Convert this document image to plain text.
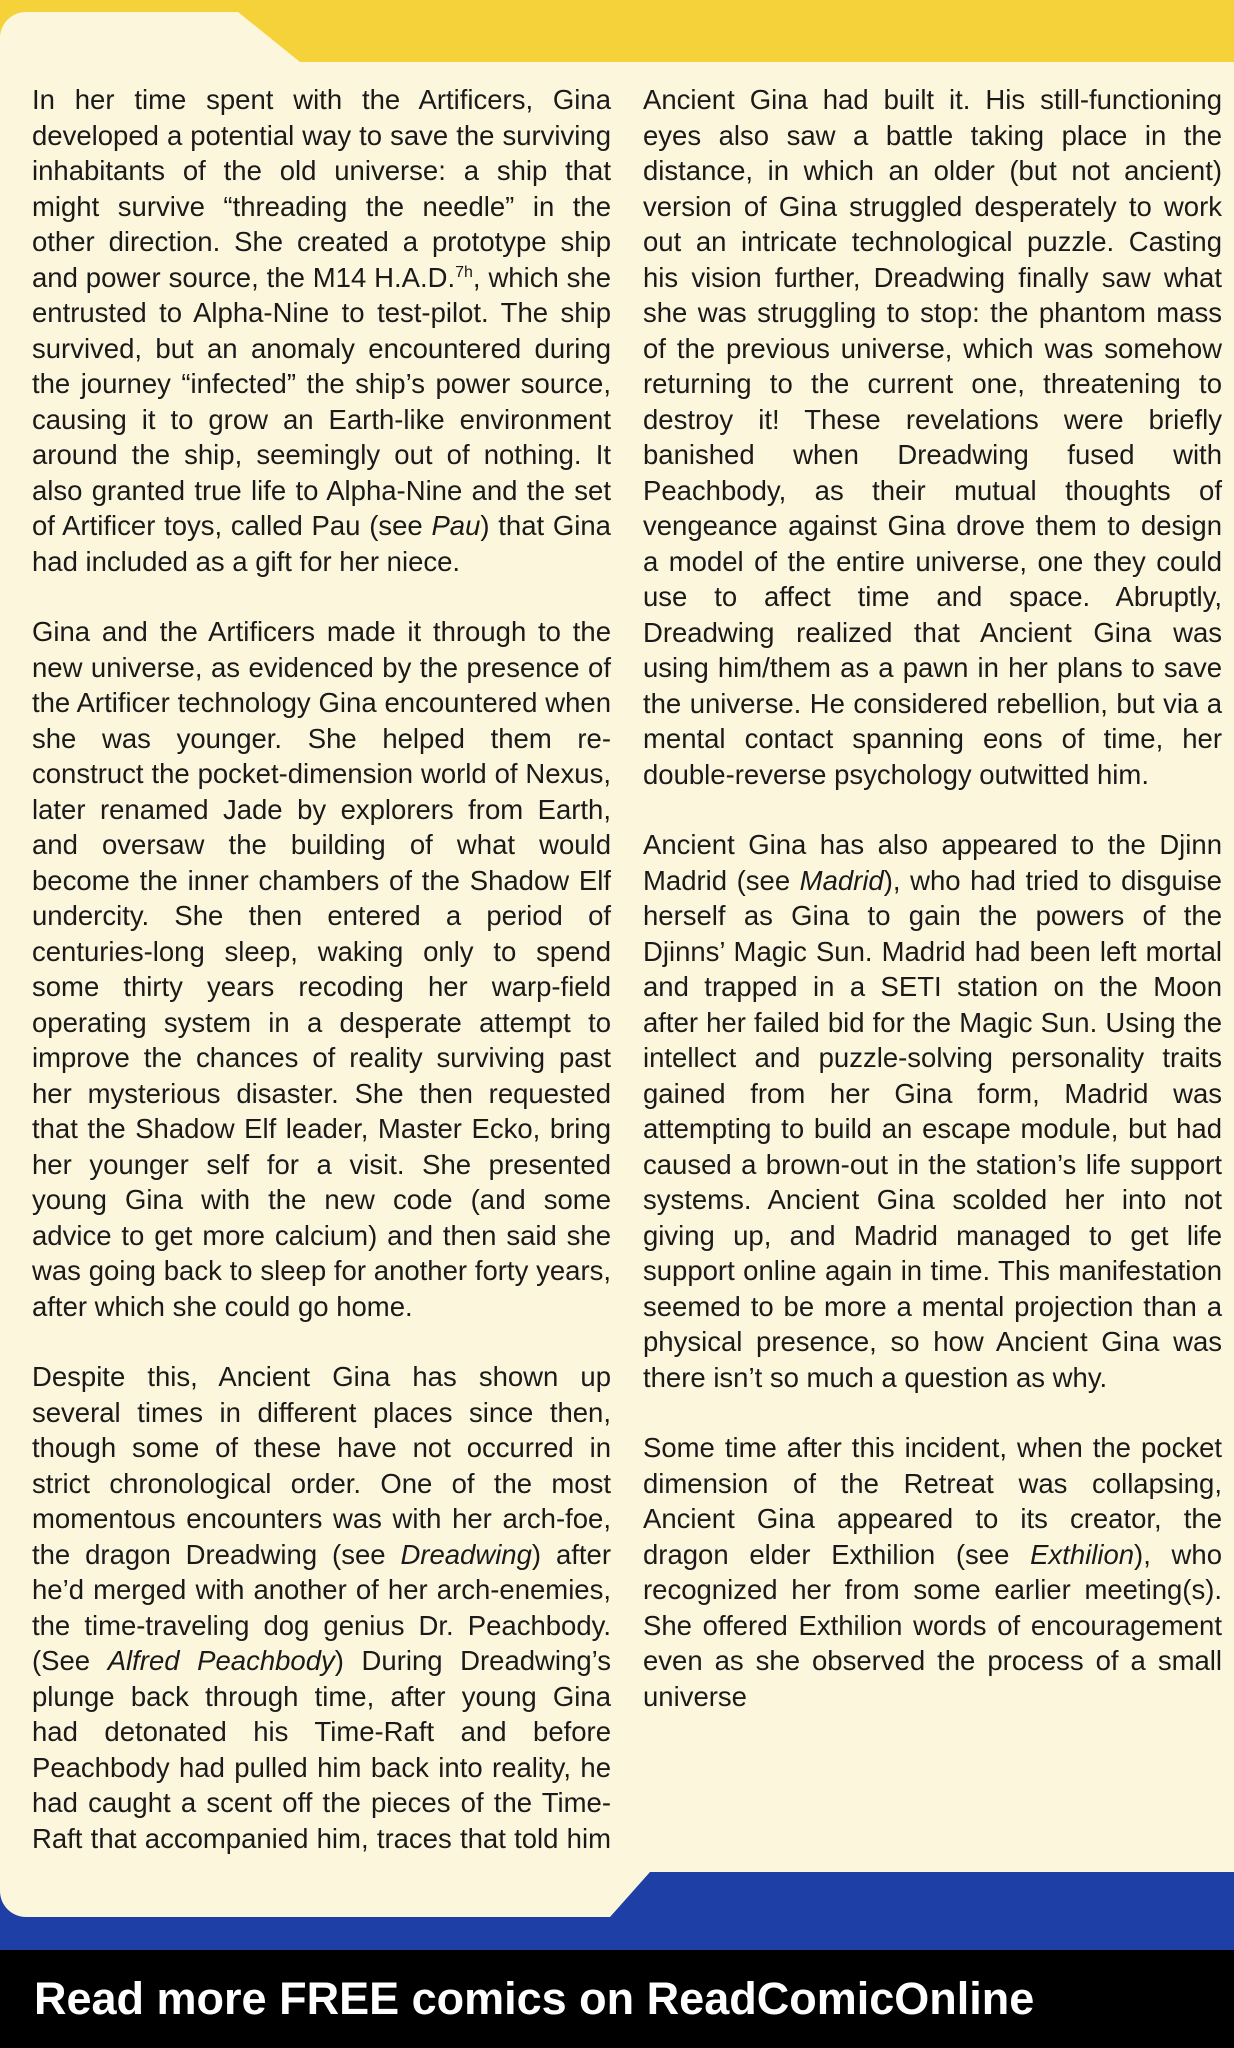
In her time spent with the Artificers, Gina developed a potential way to save the surviving inhabitants of the old universe: a ship that might survive “threading the needle” in the other direction. She created a prototype ship and power source, the M14 H.A.D.$^{7h}$, which she entrusted to Alpha-Nine to test-pilot. The ship survived, but an anomaly encountered during the journey “infected” the ship’s power source, causing it to grow an Earth-like environment around the ship, seemingly out of nothing. It also granted true life to Alpha-Nine and the set of Artificer toys, called Pau (see Pau) that Gina had included as a gift for her niece.

Gina and the Artificers made it through to the new universe, as evidenced by the presence of the Artificer technology Gina encountered when she was younger. She helped them re-construct the pocket-dimension world of Nexus, later renamed Jade by explorers from Earth, and oversaw the building of what would become the inner chambers of the Shadow Elf undercity. She then entered a period of centuries-long sleep, waking only to spend some thirty years recoding her warp-field operating system in a desperate attempt to improve the chances of reality surviving past her mysterious disaster. She then requested that the Shadow Elf leader, Master Ecko, bring her younger self for a visit. She presented young Gina with the new code (and some advice to get more calcium) and then said she was going back to sleep for another forty years, after which she could go home.

Despite this, Ancient Gina has shown up several times in different places since then, though some of these have not occurred in strict chronological order. One of the most momentous encounters was with her arch-foe, the dragon Dreadwing (see Dreadwing) after he’d merged with another of her arch-enemies, the time-traveling dog genius Dr. Peachbody. (See Alfred Peachbody) During Dreadwing’s plunge back through time, after young Gina had detonated his Time-Raft and before Peachbody had pulled him back into reality, he had caught a scent off the pieces of the Time-Raft that accompanied him, traces that told him Ancient Gina had built it. His still-functioning eyes also saw a battle taking place in the distance, in which an older (but not ancient) version of Gina struggled desperately to work out an intricate technological puzzle. Casting his vision further, Dreadwing finally saw what she was struggling to stop: the phantom mass of the previous universe, which was somehow returning to the current one, threatening to destroy it! These revelations were briefly banished when Dreadwing fused with Peachbody, as their mutual thoughts of vengeance against Gina drove them to design a model of the entire universe, one they could use to affect time and space. Abruptly, Dreadwing realized that Ancient Gina was using him/them as a pawn in her plans to save the universe. He considered rebellion, but via a mental contact spanning eons of time, her double-reverse psychology outwitted him.

Ancient Gina has also appeared to the Djinn Madrid (see Madrid), who had tried to disguise herself as Gina to gain the powers of the Djinns’ Magic Sun. Madrid had been left mortal and trapped in a SETI station on the Moon after her failed bid for the Magic Sun. Using the intellect and puzzle-solving personality traits gained from her Gina form, Madrid was attempting to build an escape module, but had caused a brown-out in the station’s life support systems. Ancient Gina scolded her into not giving up, and Madrid managed to get life support online again in time. This manifestation seemed to be more a mental projection than a physical presence, so how Ancient Gina was there isn’t so much a question as why.

Some time after this incident, when the pocket dimension of the Retreat was collapsing, Ancient Gina appeared to its creator, the dragon elder Exthilion (see Exthilion), who recognized her from some earlier meeting(s). She offered Exthilion words of encouragement even as she observed the process of a small universe

Read more FREE comics on ReadComicOnline
